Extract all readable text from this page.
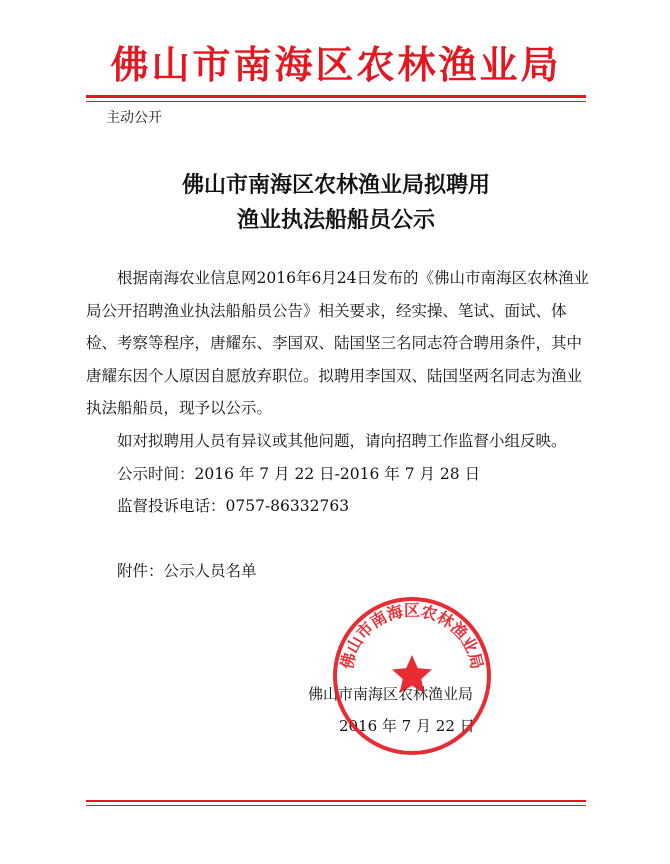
佛山市南海区农林渔业局
主动公开
佛山市南海区农林渔业局拟聘用
渔业执法船船员公示

根据南海农业信息网2016年6月24日发布的《佛山市南海区农林渔业局公开招聘渔业执法船船员公告》相关要求，经实操、笔试、面试、体检、考察等程序，唐耀东、李国双、陆国坚三名同志符合聘用条件，其中唐耀东因个人原因自愿放弃职位。拟聘用李国双、陆国坚两名同志为渔业执法船船员，现予以公示。

如对拟聘用人员有异议或其他问题，请向招聘工作监督小组反映。

公示时间：2016 年 7 月 22 日-2016 年 7 月 28 日

监督投诉电话：0757-86332763

附件：公示人员名单

佛山市南海区农林渔业局
2016 年 7 月 22 日
佛山市南海区农林渔业局
